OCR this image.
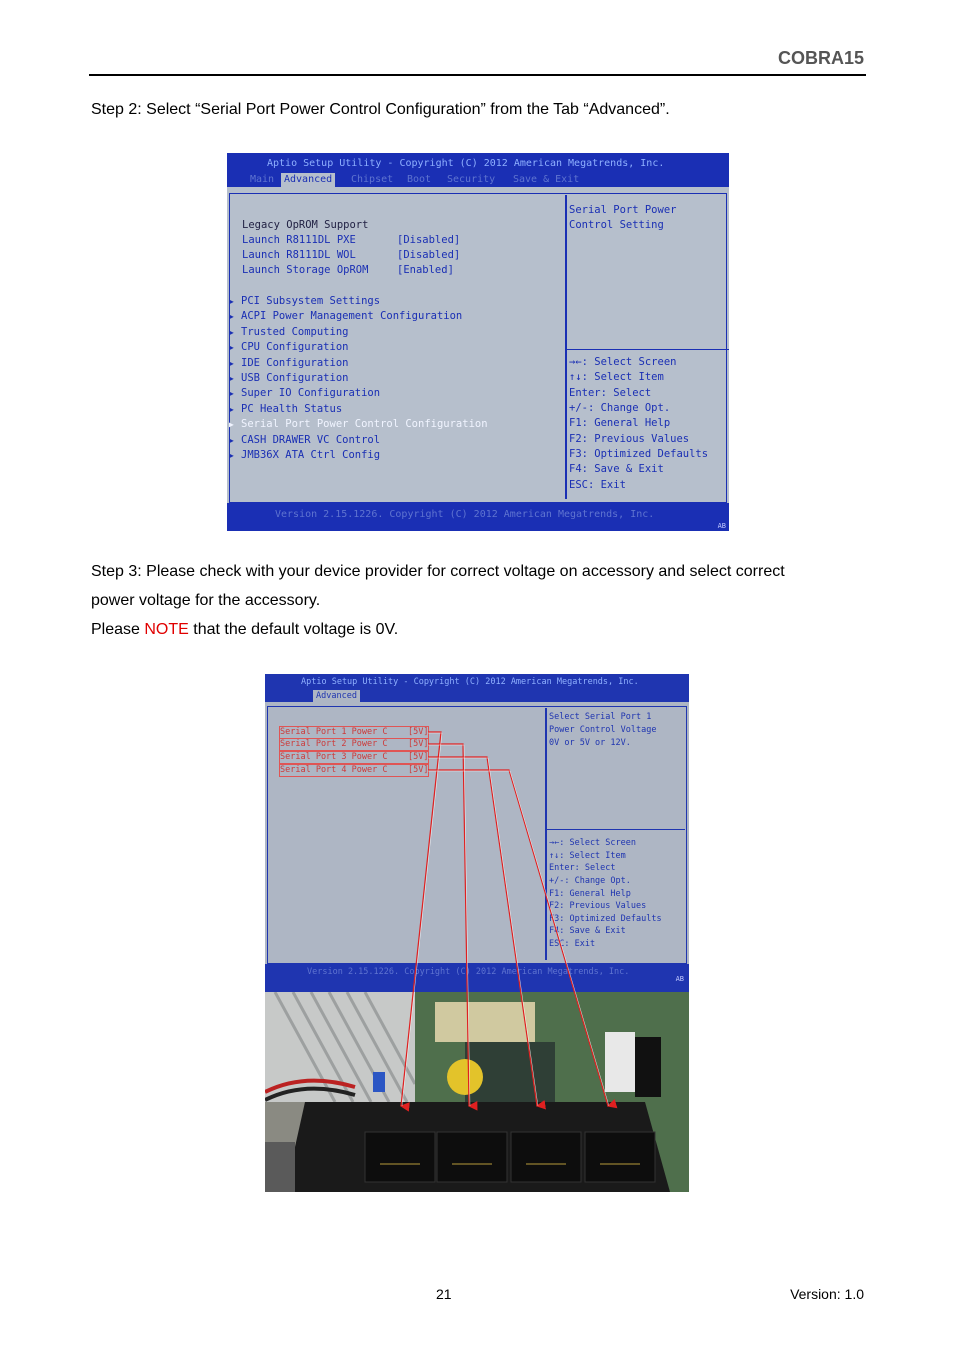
COBRA15
Step 2: Select “Serial Port Power Control Configuration” from the Tab “Advanced”.
Aptio Setup Utility - Copyright (C) 2012 American Megatrends, Inc.
Main Advanced	Chipset Boot Security Save & Exit
Legacy OpROM Support
Launch R8111DL PXE	[Disabled]
Launch R8111DL WOL	[Disabled]
Launch Storage OpROM	[Enabled]
▶ PCI Subsystem Settings
▶ ACPI Power Management Configuration
▶ Trusted Computing
▶ CPU Configuration
▶ IDE Configuration
▶ USB Configuration
▶ Super IO Configuration
▶ PC Health Status
▶ Serial Port Power Control Configuration
▶ CASH DRAWER VC Control
▶ JMB36X ATA Ctrl Config
Serial Port Power
Control Setting
→←: Select Screen
↑↓: Select Item
Enter: Select
+/-: Change Opt.
F1: General Help
F2: Previous Values
F3: Optimized Defaults
F4: Save & Exit
ESC: Exit
Version 2.15.1226. Copyright (C) 2012 American Megatrends, Inc.
AB
Step 3: Please check with your device provider for correct voltage on accessory and select correct
power voltage for the accessory.
Please NOTE that the default voltage is 0V.
Aptio Setup Utility - Copyright (C) 2012 American Megatrends, Inc.
Advanced
Serial Port 1 Power C [5V]
Serial Port 2 Power C [5V]
Serial Port 3 Power C [5V]
Serial Port 4 Power C [5V]
Select Serial Port 1
Power Control Voltage
0V or 5V or 12V.
→←: Select Screen
↑↓: Select Item
Enter: Select
+/-: Change Opt.
F1: General Help
F2: Previous Values
F3: Optimized Defaults
F4: Save & Exit
ESC: Exit
Version 2.15.1226. Copyright (C) 2012 American Megatrends, Inc.
AB
21	Version: 1.0
